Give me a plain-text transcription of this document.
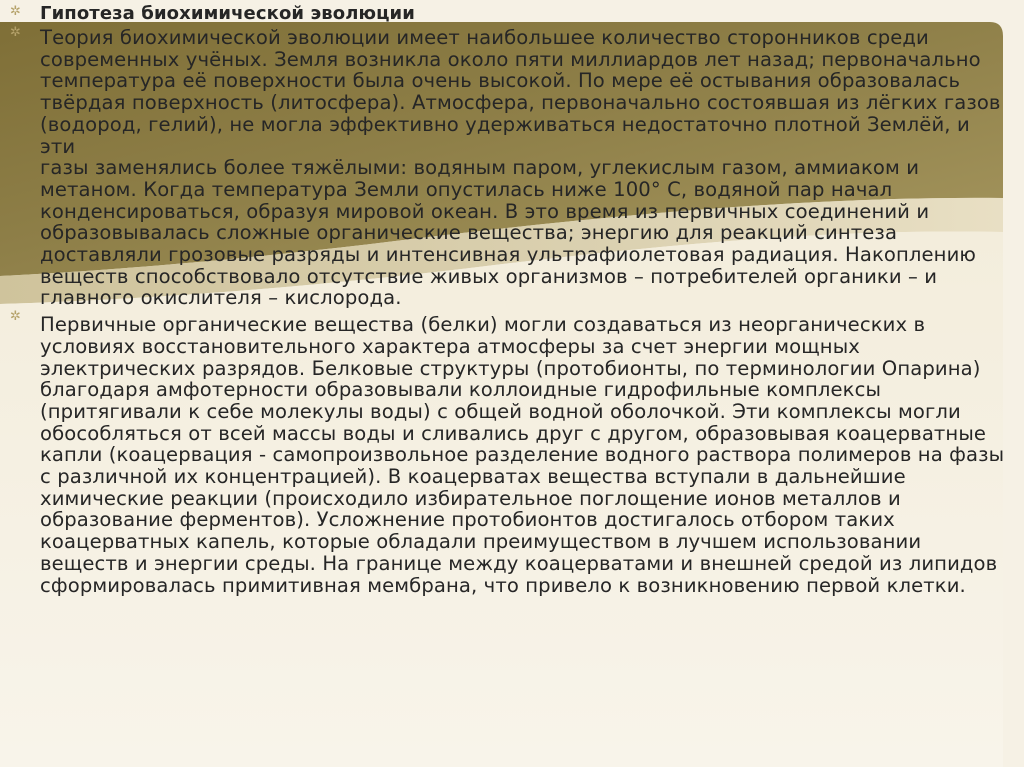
✲ Гипотеза биохимической эволюции
✲ Теория биохимической эволюции имеет наибольшее количество сторонников среди
современных учёных. Земля возникла около пяти миллиардов лет назад; первоначально
температура её поверхности была очень высокой. По мере её остывания образовалась
твёрдая поверхность (литосфера). Атмосфера, первоначально состоявшая из лёгких газов
(водород, гелий), не могла эффективно удерживаться недостаточно плотной Землёй, и эти
газы заменялись более тяжёлыми: водяным паром, углекислым газом, аммиаком и
метаном. Когда температура Земли опустилась ниже 100° С, водяной пар начал
конденсироваться, образуя мировой океан. В это время из первичных соединений и
образовывалась сложные органические вещества; энергию для реакций синтеза
доставляли грозовые разряды и интенсивная ультрафиолетовая радиация. Накоплению
веществ способствовало отсутствие живых организмов – потребителей органики – и
главного окислителя – кислорода.
✲ Первичные органические вещества (белки) могли создаваться из неорганических в
условиях восстановительного характера атмосферы за счет энергии мощных
электрических разрядов. Белковые структуры (протобионты, по терминологии Опарина)
благодаря амфотерности образовывали коллоидные гидрофильные комплексы
(притягивали к себе молекулы воды) с общей водной оболочкой. Эти комплексы могли
обособляться от всей массы воды и сливались друг с другом, образовывая коацерватные
капли (коацервация - самопроизвольное разделение водного раствора полимеров на фазы
с различной их концентрацией). В коацерватах вещества вступали в дальнейшие
химические реакции (происходило избирательное поглощение ионов металлов и
образование ферментов). Усложнение протобионтов достигалось отбором таких
коацерватных капель, которые обладали преимуществом в лучшем использовании
веществ и энергии среды. На границе между коацерватами и внешней средой из липидов
сформировалась примитивная мембрана, что привело к возникновению первой клетки.
